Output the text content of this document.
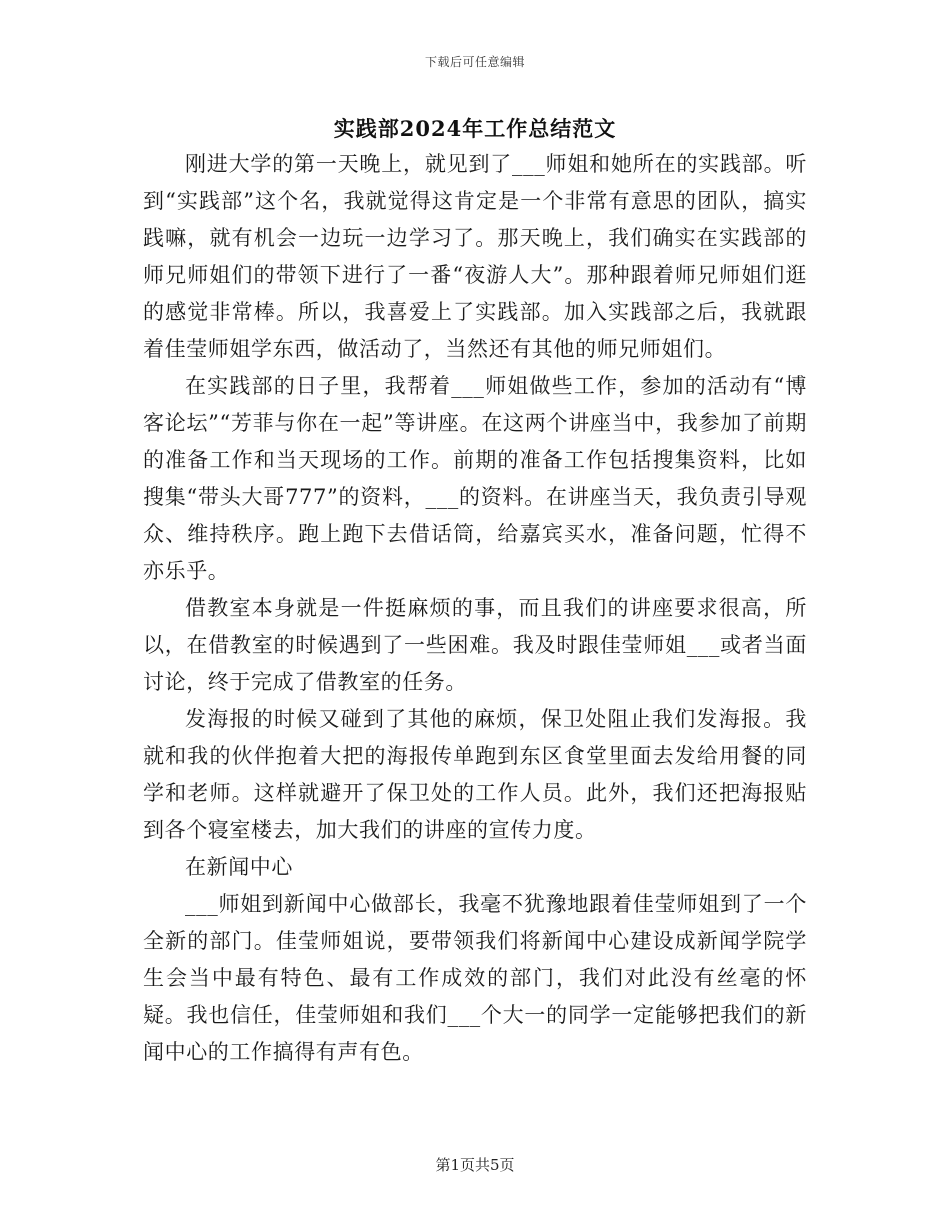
下载后可任意编辑
实践部2024年工作总结范文

刚进大学的第一天晚上，就见到了___师姐和她所在的实践部。听到“实践部”这个名，我就觉得这肯定是一个非常有意思的团队，搞实践嘛，就有机会一边玩一边学习了。那天晚上，我们确实在实践部的师兄师姐们的带领下进行了一番“夜游人大”。那种跟着师兄师姐们逛的感觉非常棒。所以，我喜爱上了实践部。加入实践部之后，我就跟着佳莹师姐学东西，做活动了，当然还有其他的师兄师姐们。

在实践部的日子里，我帮着___师姐做些工作，参加的活动有“博客论坛”“芳菲与你在一起”等讲座。在这两个讲座当中，我参加了前期的准备工作和当天现场的工作。前期的准备工作包括搜集资料，比如搜集“带头大哥777”的资料，___的资料。在讲座当天，我负责引导观众、维持秩序。跑上跑下去借话筒，给嘉宾买水，准备问题，忙得不亦乐乎。

借教室本身就是一件挺麻烦的事，而且我们的讲座要求很高，所以，在借教室的时候遇到了一些困难。我及时跟佳莹师姐___或者当面讨论，终于完成了借教室的任务。

发海报的时候又碰到了其他的麻烦，保卫处阻止我们发海报。我就和我的伙伴抱着大把的海报传单跑到东区食堂里面去发给用餐的同学和老师。这样就避开了保卫处的工作人员。此外，我们还把海报贴到各个寝室楼去，加大我们的讲座的宣传力度。

在新闻中心

___师姐到新闻中心做部长，我毫不犹豫地跟着佳莹师姐到了一个全新的部门。佳莹师姐说，要带领我们将新闻中心建设成新闻学院学生会当中最有特色、最有工作成效的部门，我们对此没有丝毫的怀疑。我也信任，佳莹师姐和我们___个大一的同学一定能够把我们的新闻中心的工作搞得有声有色。

第1页共5页
